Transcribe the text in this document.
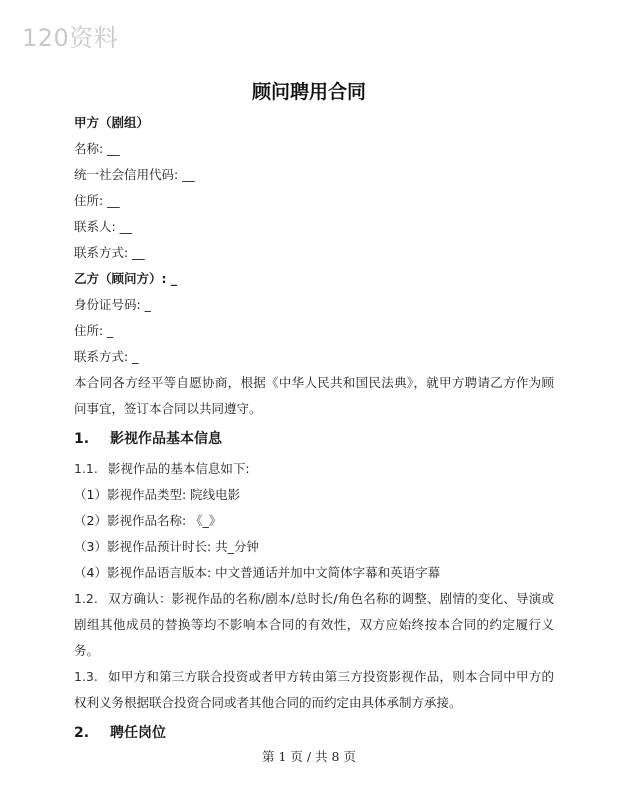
120资料
顾问聘用合同
甲方（剧组）
名称: __
统一社会信用代码: __
住所: __
联系人: __
联系方式: __
乙方（顾问方）: _
身份证号码: _
住所: _
联系方式: _

本合同各方经平等自愿协商，根据《中华人民共和国民法典》，就甲方聘请乙方作为顾问事宜，签订本合同以共同遵守。

1. 影视作品基本信息
1.1. 影视作品的基本信息如下:
（1）影视作品类型: 院线电影
（2）影视作品名称: 《_》
（3）影视作品预计时长: 共_分钟
（4）影视作品语言版本: 中文普通话并加中文简体字幕和英语字幕

1.2. 双方确认：影视作品的名称/剧本/总时长/角色名称的调整、剧情的变化、导演或剧组其他成员的替换等均不影响本合同的有效性，双方应始终按本合同的约定履行义务。

1.3. 如甲方和第三方联合投资或者甲方转由第三方投资影视作品，则本合同中甲方的权利义务根据联合投资合同或者其他合同的而约定由具体承制方承接。

2. 聘任岗位
第 1 页 / 共 8 页
